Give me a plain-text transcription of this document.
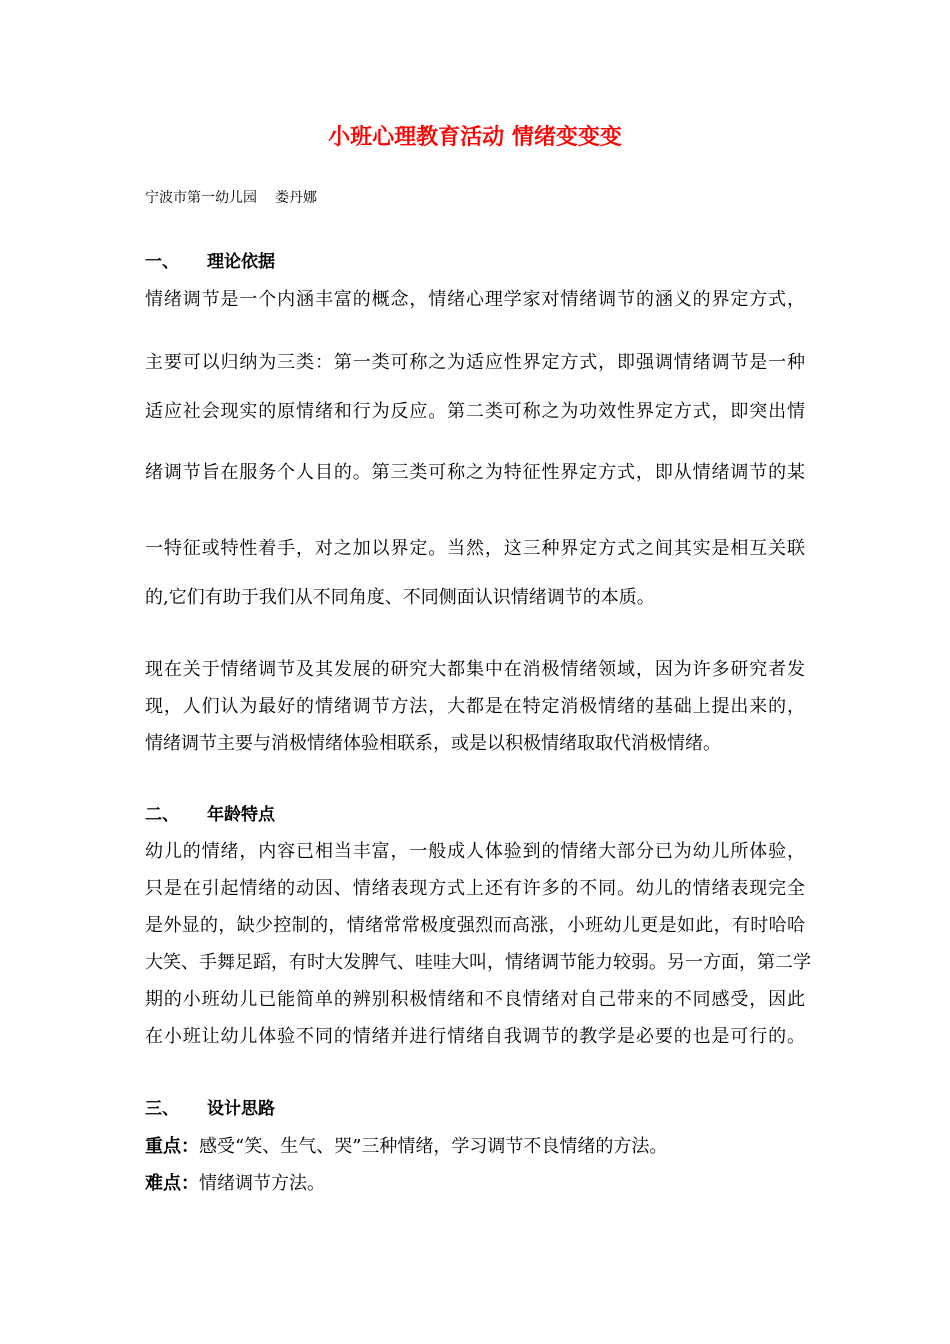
小班心理教育活动 情绪变变变
宁波市第一幼儿园 娄丹娜
一、 理论依据
情绪调节是一个内涵丰富的概念，情绪心理学家对情绪调节的涵义的界定方式，
主要可以归纳为三类：第一类可称之为适应性界定方式，即强调情绪调节是一种
适应社会现实的原情绪和行为反应。第二类可称之为功效性界定方式，即突出情
绪调节旨在服务个人目的。第三类可称之为特征性界定方式，即从情绪调节的某
一特征或特性着手，对之加以界定。当然，这三种界定方式之间其实是相互关联
的,它们有助于我们从不同角度、不同侧面认识情绪调节的本质。
现在关于情绪调节及其发展的研究大都集中在消极情绪领域，因为许多研究者发
现，人们认为最好的情绪调节方法，大都是在特定消极情绪的基础上提出来的，
情绪调节主要与消极情绪体验相联系，或是以积极情绪取取代消极情绪。
二、 年龄特点
幼儿的情绪，内容已相当丰富，一般成人体验到的情绪大部分已为幼儿所体验，
只是在引起情绪的动因、情绪表现方式上还有许多的不同。幼儿的情绪表现完全
是外显的，缺少控制的，情绪常常极度强烈而高涨，小班幼儿更是如此，有时哈哈
大笑、手舞足蹈，有时大发脾气、哇哇大叫，情绪调节能力较弱。另一方面，第二学
期的小班幼儿已能简单的辨别积极情绪和不良情绪对自己带来的不同感受，因此
在小班让幼儿体验不同的情绪并进行情绪自我调节的教学是必要的也是可行的。
三、 设计思路
重点：感受“笑、生气、哭”三种情绪，学习调节不良情绪的方法。
难点：情绪调节方法。
